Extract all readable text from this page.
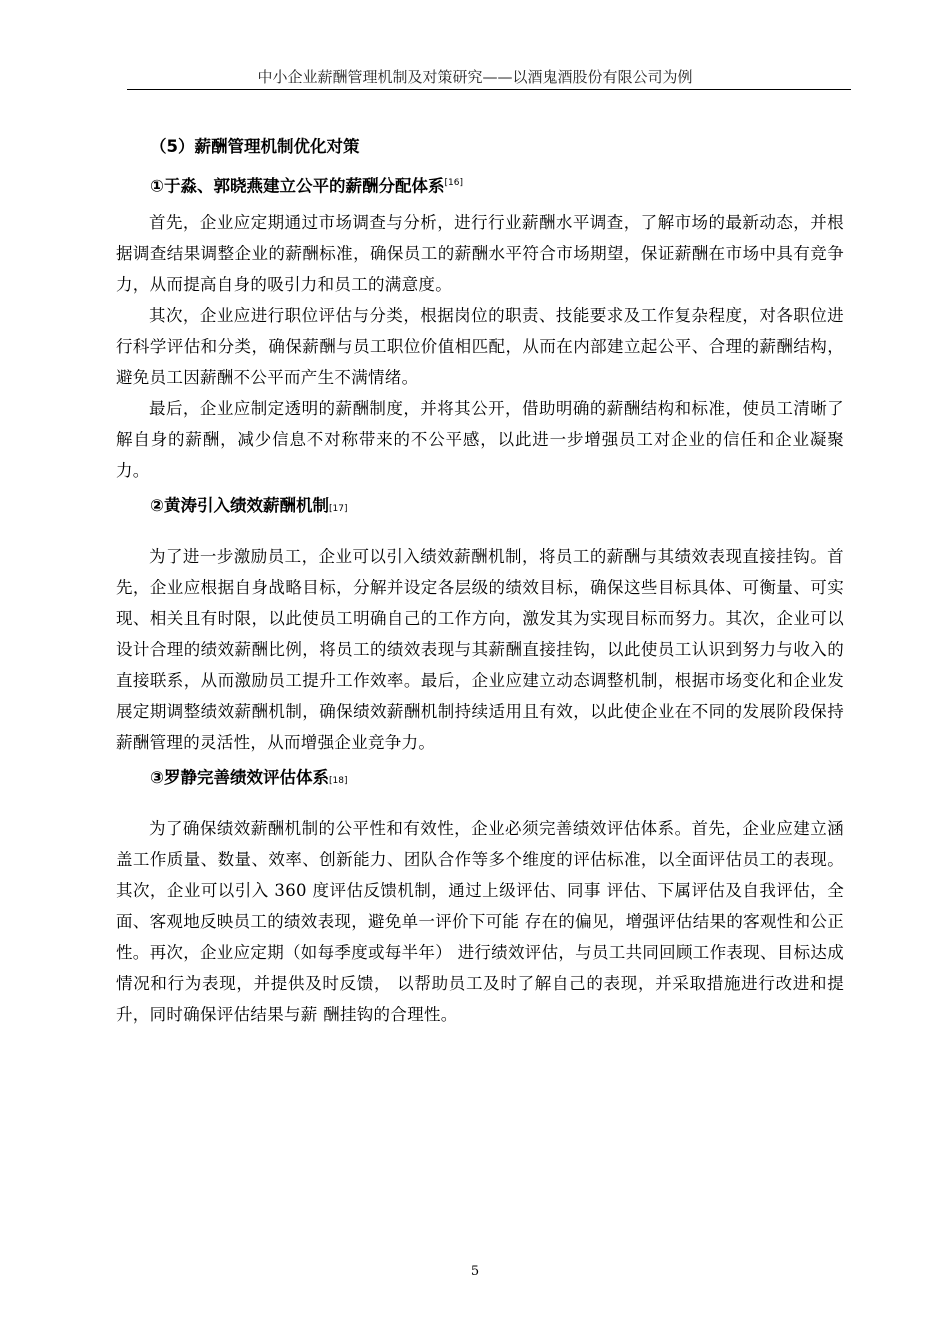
中小企业薪酬管理机制及对策研究——以酒鬼酒股份有限公司为例
（5）薪酬管理机制优化对策
①于淼、郭晓燕建立公平的薪酬分配体系[16]

首先，企业应定期通过市场调查与分析，进行行业薪酬水平调查，了解市场的最新动态，并根据调查结果调整企业的薪酬标准，确保员工的薪酬水平符合市场期望，保证薪酬在市场中具有竞争力，从而提高自身的吸引力和员工的满意度。

其次，企业应进行职位评估与分类，根据岗位的职责、技能要求及工作复杂程度，对各职位进行科学评估和分类，确保薪酬与员工职位价值相匹配，从而在内部建立起公平、合理的薪酬结构，避免员工因薪酬不公平而产生不满情绪。

最后，企业应制定透明的薪酬制度，并将其公开，借助明确的薪酬结构和标准，使员工清晰了解自身的薪酬，减少信息不对称带来的不公平感，以此进一步增强员工对企业的信任和企业凝聚力。

②黄涛引入绩效薪酬机制[17]

为了进一步激励员工，企业可以引入绩效薪酬机制，将员工的薪酬与其绩效表现直接挂钩。首先，企业应根据自身战略目标，分解并设定各层级的绩效目标，确保这些目标具体、可衡量、可实现、相关且有时限，以此使员工明确自己的工作方向，激发其为实现目标而努力。其次，企业可以设计合理的绩效薪酬比例，将员工的绩效表现与其薪酬直接挂钩，以此使员工认识到努力与收入的直接联系，从而激励员工提升工作效率。最后，企业应建立动态调整机制，根据市场变化和企业发展定期调整绩效薪酬机制，确保绩效薪酬机制持续适用且有效，以此使企业在不同的发展阶段保持薪酬管理的灵活性，从而增强企业竞争力。

③罗静完善绩效评估体系[18]

为了确保绩效薪酬机制的公平性和有效性，企业必须完善绩效评估体系。首先，企业应建立涵盖工作质量、数量、效率、创新能力、团队合作等多个维度的评估标准，以全面评估员工的表现。其次，企业可以引入 360 度评估反馈机制，通过上级评估、同事 评估、下属评估及自我评估，全面、客观地反映员工的绩效表现，避免单一评价下可能 存在的偏见，增强评估结果的客观性和公正性。再次，企业应定期（如每季度或每半年） 进行绩效评估，与员工共同回顾工作表现、目标达成情况和行为表现，并提供及时反馈， 以帮助员工及时了解自己的表现，并采取措施进行改进和提升，同时确保评估结果与薪 酬挂钩的合理性。

5
